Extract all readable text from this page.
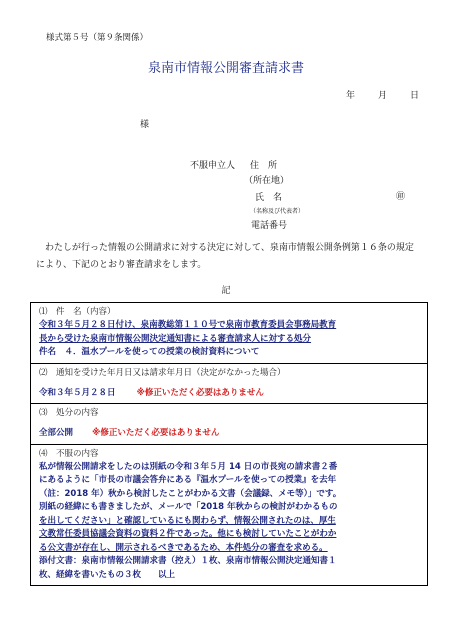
様式第５号（第９条関係）
泉南市情報公開審査請求書
年	月	日
様
不服申立人 住　所
（所在地）
氏　名	㊞
（名称及び代表者）
電話番号
わたしが行った情報の公開請求に対する決定に対して、泉南市情報公開条例第１６条の規定により、下記のとおり審査請求をします。
記
⑴　件　名（内容）
令和３年５月２８日付け、泉南教総第１１０号で泉南市教育委員会事務局教育
長から受けた泉南市情報公開決定通知書による審査請求人に対する処分
件名　４．温水プールを使っての授業の検討資料について
⑵　通知を受けた年月日又は請求年月日（決定がなかった場合）
令和３年５月２８日 ※修正いただく必要はありません
⑶　処分の内容
全部公開 ※修正いただく必要はありません
⑷　不服の内容
私が情報公開請求をしたのは別紙の令和３年５月 14 日の市長宛の請求書２番
にあるように「市長の市議会答弁にある『温水プールを使っての授業』を去年
（註：2018 年）秋から検討したことがわかる文書（会議録、メモ等）」です。
別紙の経緯にも書きましたが、メールで「2018 年秋からの検討がわかるもの
を出してください」と確認しているにも関わらず、情報公開されたのは、厚生
文教常任委員協議会資料の資料２件であった。他にも検討していたことがわか
る公文書が存在し、開示されるべきであるため、本件処分の審査を求める。
添付文書：泉南市情報公開請求書（控え）１枚、泉南市情報公開決定通知書１
枚、経緯を書いたもの３枚　　以上
